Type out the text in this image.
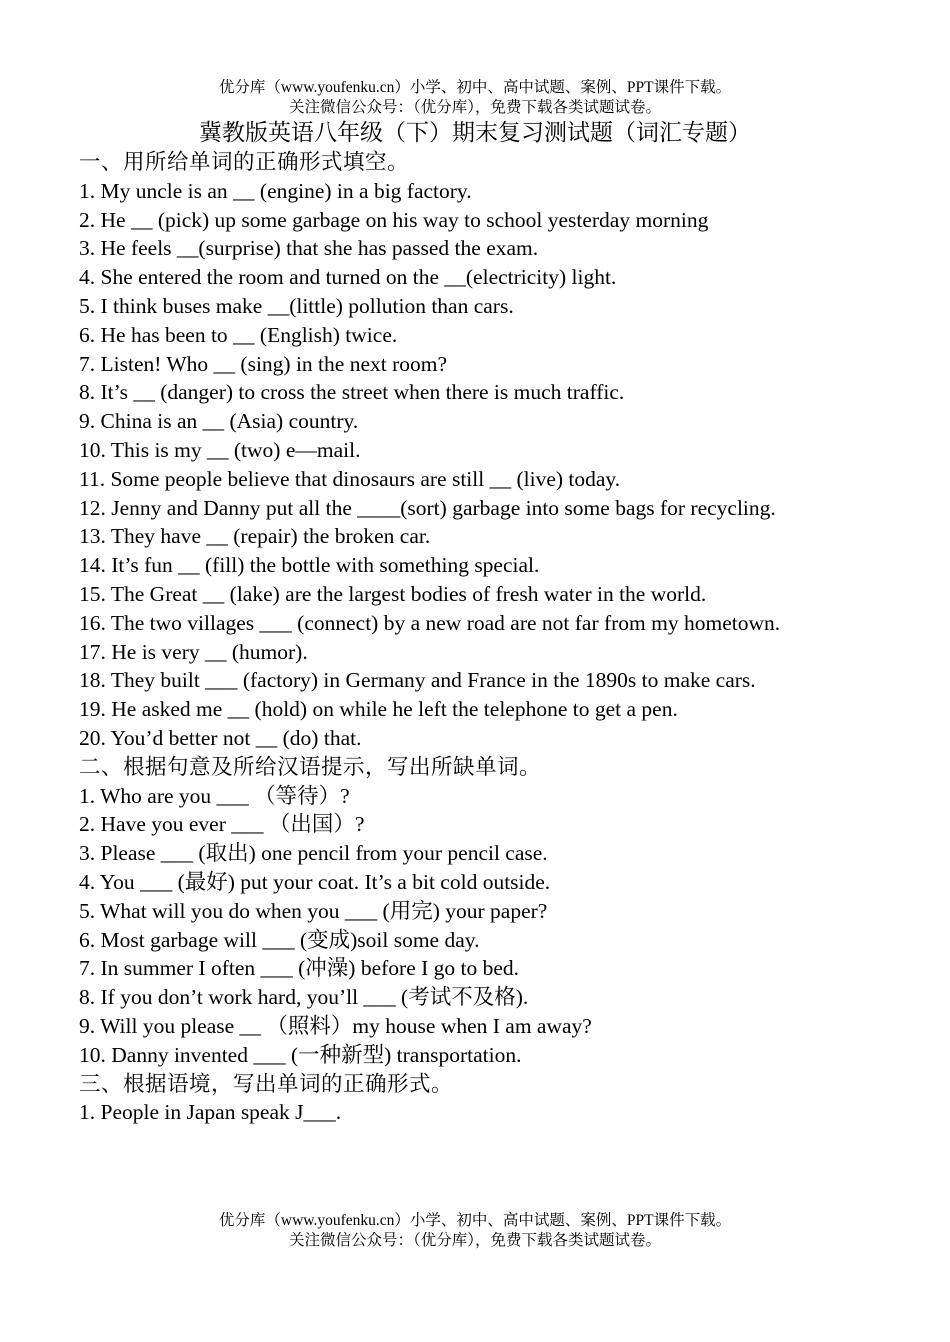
优分库（www.youfenku.cn）小学、初中、高中试题、案例、PPT课件下载。
关注微信公众号：（优分库），免费下载各类试题试卷。
冀教版英语八年级（下）期末复习测试题（词汇专题）
一、用所给单词的正确形式填空。
1. My uncle is an __ (engine) in a big factory.
2. He __ (pick) up some garbage on his way to school yesterday morning
3. He feels __(surprise) that she has passed the exam.
4. She entered the room and turned on the __(electricity) light.
5. I think buses make __(little) pollution than cars.
6. He has been to __ (English) twice.
7. Listen! Who __ (sing) in the next room?
8. It’s __ (danger) to cross the street when there is much traffic.
9. China is an __ (Asia) country.
10. This is my __ (two) e—mail.
11. Some people believe that dinosaurs are still __ (live) today.
12. Jenny and Danny put all the ____(sort) garbage into some bags for recycling.
13. They have __ (repair) the broken car.
14. It’s fun __ (fill) the bottle with something special.
15. The Great __ (lake) are the largest bodies of fresh water in the world.
16. The two villages ___ (connect) by a new road are not far from my hometown.
17. He is very __ (humor).
18. They built ___ (factory) in Germany and France in the 1890s to make cars.
19. He asked me __ (hold) on while he left the telephone to get a pen.
20. You’d better not __ (do) that.
二、根据句意及所给汉语提示，写出所缺单词。
1. Who are you ___ （等待）?
2. Have you ever ___ （出国）?
3. Please ___ (取出) one pencil from your pencil case.
4. You ___ (最好) put your coat. It’s a bit cold outside.
5. What will you do when you ___ (用完) your paper?
6. Most garbage will ___ (变成)soil some day.
7. In summer I often ___ (冲澡) before I go to bed.
8. If you don’t work hard, you’ll ___ (考试不及格).
9. Will you please __ （照料）my house when I am away?
10. Danny invented ___ (一种新型) transportation.
三、根据语境，写出单词的正确形式。
1. People in Japan speak J___.
优分库（www.youfenku.cn）小学、初中、高中试题、案例、PPT课件下载。
关注微信公众号：（优分库），免费下载各类试题试卷。
